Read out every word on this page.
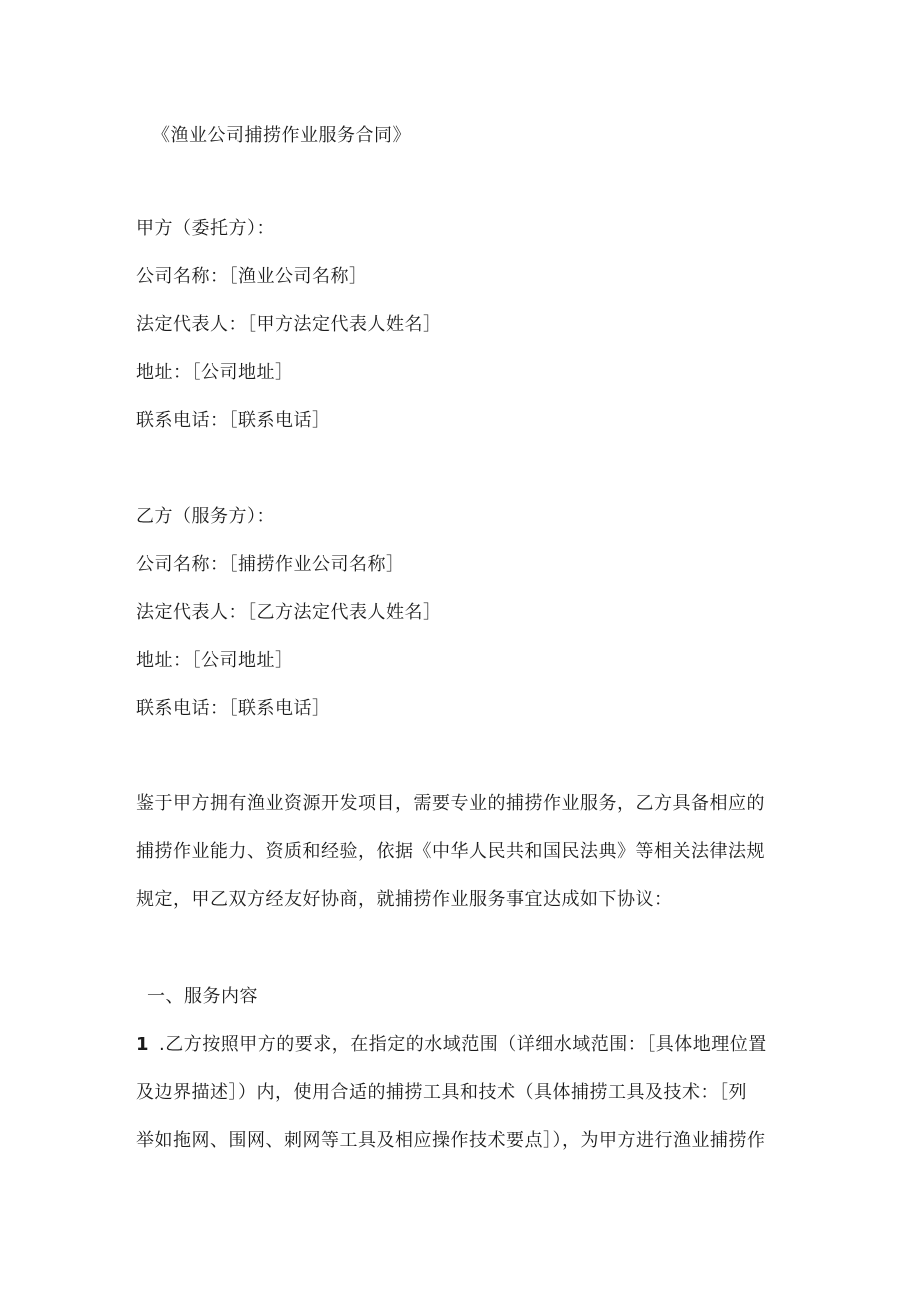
《渔业公司捕捞作业服务合同》
甲方（委托方）：
公司名称：［渔业公司名称］
法定代表人：［甲方法定代表人姓名］
地址：［公司地址］
联系电话：［联系电话］
乙方（服务方）：
公司名称：［捕捞作业公司名称］
法定代表人：［乙方法定代表人姓名］
地址：［公司地址］
联系电话：［联系电话］
鉴于甲方拥有渔业资源开发项目，需要专业的捕捞作业服务，乙方具备相应的
捕捞作业能力、资质和经验，依据《中华人民共和国民法典》等相关法律法规
规定，甲乙双方经友好协商，就捕捞作业服务事宜达成如下协议：
一、服务内容
1 .乙方按照甲方的要求，在指定的水域范围（详细水域范围：［具体地理位置
及边界描述］）内，使用合适的捕捞工具和技术（具体捕捞工具及技术：［列
举如拖网、围网、刺网等工具及相应操作技术要点］），为甲方进行渔业捕捞作
